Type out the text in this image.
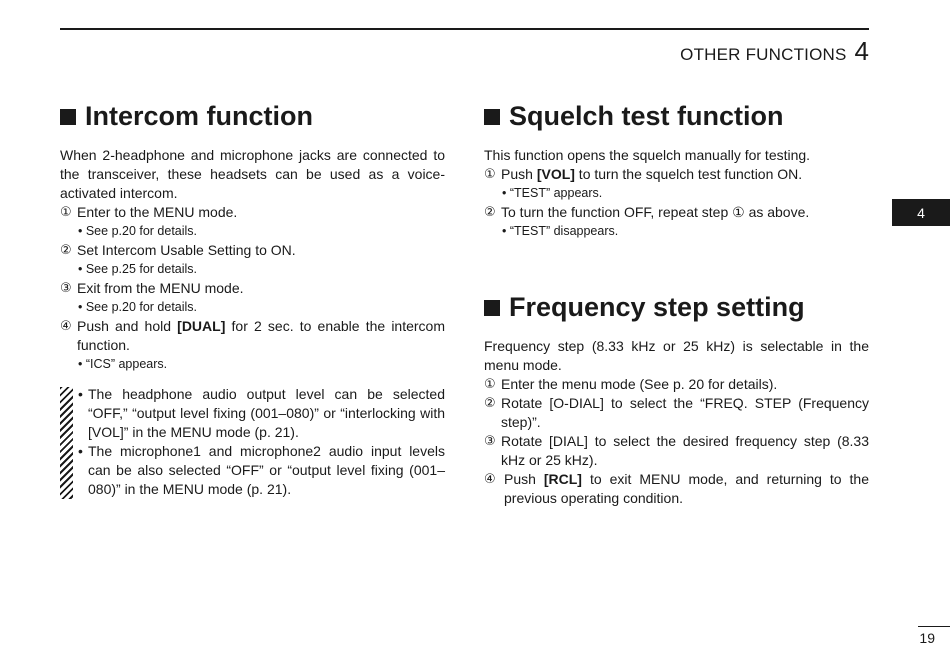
OTHER FUNCTIONS 4
4
19
Intercom function

When 2-headphone and microphone jacks are connected to the transceiver, these headsets can be used as a voice-activated intercom.

① Enter to the MENU mode.
• See p.20 for details.
② Set Intercom Usable Setting to ON.
• See p.25 for details.
③ Exit from the MENU mode.
• See p.20 for details.
④ Push and hold [DUAL] for 2 sec. to enable the intercom function.
• “ICS” appears.
• The headphone audio output level can be selected “OFF,” “output level fixing (001–080)” or “interlocking with [VOL]” in the MENU mode (p. 21).
• The microphone1 and microphone2 audio input levels can be also selected “OFF” or “output level fixing (001–080)” in the MENU mode (p. 21).
Squelch test function

This function opens the squelch manually for testing.

① Push [VOL] to turn the squelch test function ON.
• “TEST” appears.
② To turn the function OFF, repeat step ① as above.
• “TEST” disappears.
Frequency step setting

Frequency step (8.33 kHz or 25 kHz) is selectable in the menu mode.

① Enter the menu mode (See p. 20 for details).
② Rotate [O-DIAL] to select the “FREQ. STEP (Frequency step)”.
③ Rotate [DIAL] to select the desired frequency step (8.33 kHz or 25 kHz).
④ Push [RCL] to exit MENU mode, and returning to the previous operating condition.
